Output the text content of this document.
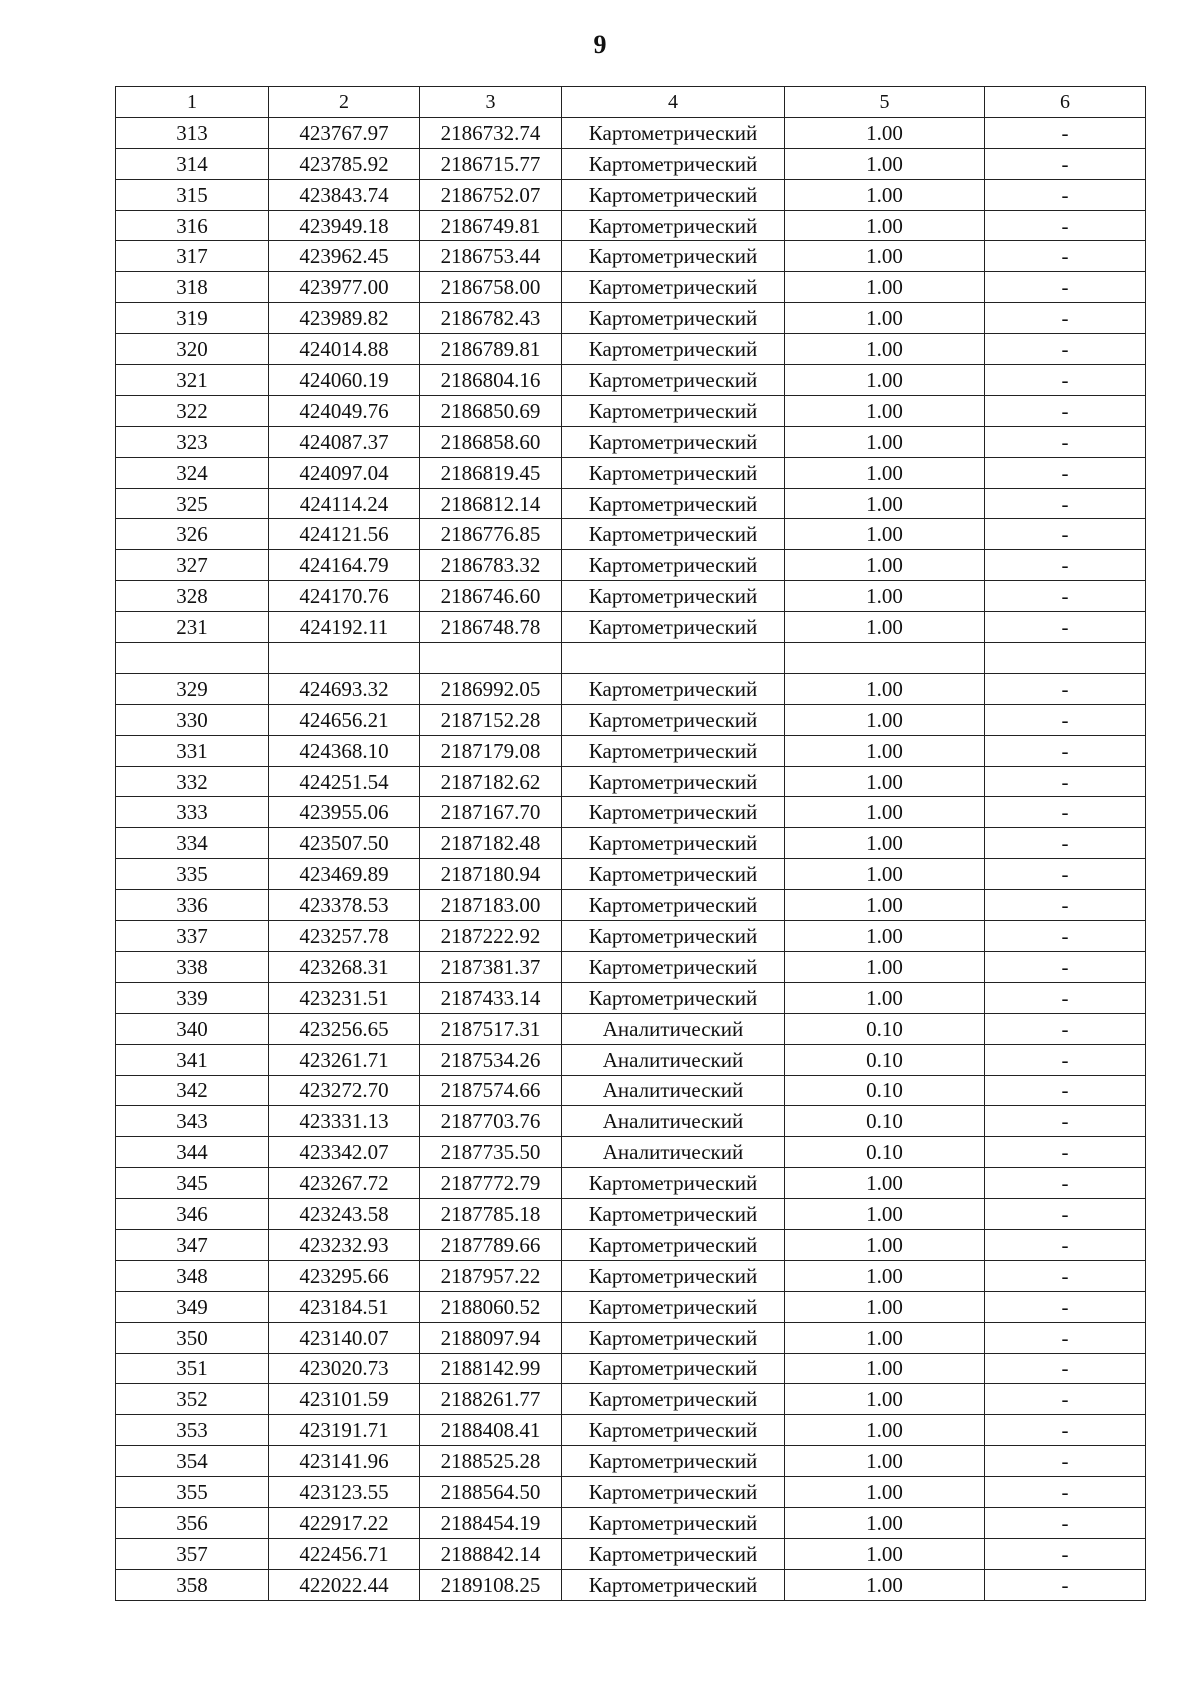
9
1	2	3	4	5	6
313	423767.97	2186732.74	Картометрический	1.00	-
314	423785.92	2186715.77	Картометрический	1.00	-
315	423843.74	2186752.07	Картометрический	1.00	-
316	423949.18	2186749.81	Картометрический	1.00	-
317	423962.45	2186753.44	Картометрический	1.00	-
318	423977.00	2186758.00	Картометрический	1.00	-
319	423989.82	2186782.43	Картометрический	1.00	-
320	424014.88	2186789.81	Картометрический	1.00	-
321	424060.19	2186804.16	Картометрический	1.00	-
322	424049.76	2186850.69	Картометрический	1.00	-
323	424087.37	2186858.60	Картометрический	1.00	-
324	424097.04	2186819.45	Картометрический	1.00	-
325	424114.24	2186812.14	Картометрический	1.00	-
326	424121.56	2186776.85	Картометрический	1.00	-
327	424164.79	2186783.32	Картометрический	1.00	-
328	424170.76	2186746.60	Картометрический	1.00	-
231	424192.11	2186748.78	Картометрический	1.00	-

329	424693.32	2186992.05	Картометрический	1.00	-
330	424656.21	2187152.28	Картометрический	1.00	-
331	424368.10	2187179.08	Картометрический	1.00	-
332	424251.54	2187182.62	Картометрический	1.00	-
333	423955.06	2187167.70	Картометрический	1.00	-
334	423507.50	2187182.48	Картометрический	1.00	-
335	423469.89	2187180.94	Картометрический	1.00	-
336	423378.53	2187183.00	Картометрический	1.00	-
337	423257.78	2187222.92	Картометрический	1.00	-
338	423268.31	2187381.37	Картометрический	1.00	-
339	423231.51	2187433.14	Картометрический	1.00	-
340	423256.65	2187517.31	Аналитический	0.10	-
341	423261.71	2187534.26	Аналитический	0.10	-
342	423272.70	2187574.66	Аналитический	0.10	-
343	423331.13	2187703.76	Аналитический	0.10	-
344	423342.07	2187735.50	Аналитический	0.10	-
345	423267.72	2187772.79	Картометрический	1.00	-
346	423243.58	2187785.18	Картометрический	1.00	-
347	423232.93	2187789.66	Картометрический	1.00	-
348	423295.66	2187957.22	Картометрический	1.00	-
349	423184.51	2188060.52	Картометрический	1.00	-
350	423140.07	2188097.94	Картометрический	1.00	-
351	423020.73	2188142.99	Картометрический	1.00	-
352	423101.59	2188261.77	Картометрический	1.00	-
353	423191.71	2188408.41	Картометрический	1.00	-
354	423141.96	2188525.28	Картометрический	1.00	-
355	423123.55	2188564.50	Картометрический	1.00	-
356	422917.22	2188454.19	Картометрический	1.00	-
357	422456.71	2188842.14	Картометрический	1.00	-
358	422022.44	2189108.25	Картометрический	1.00	-
